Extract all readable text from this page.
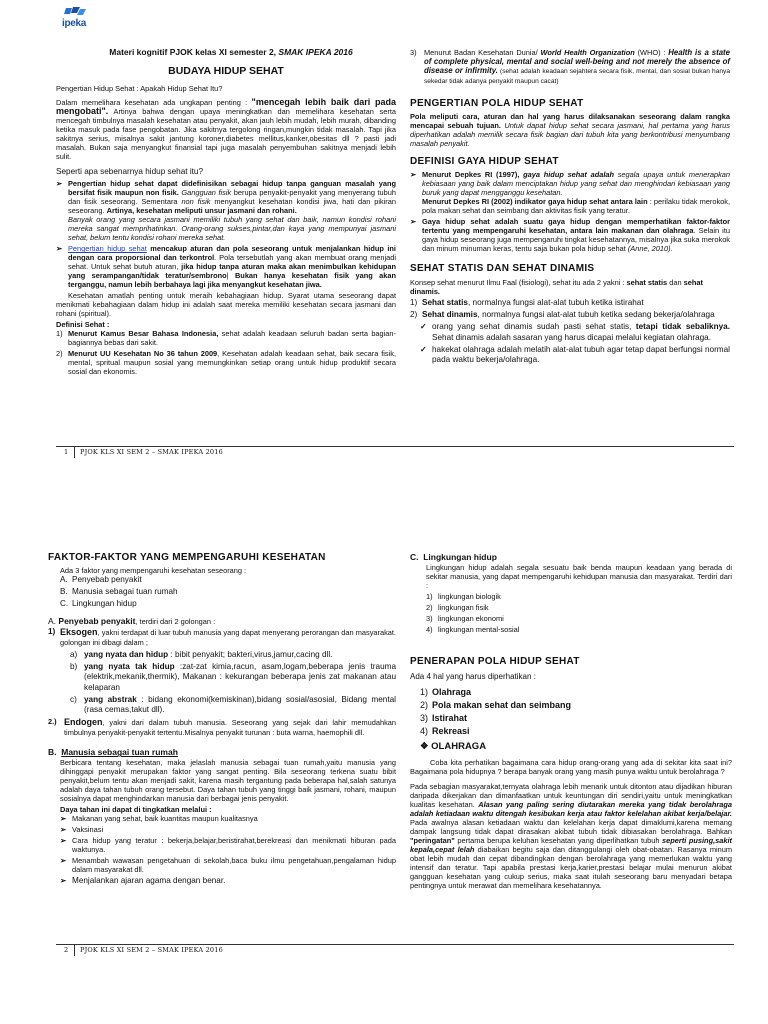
ipeka
Materi kognitif PJOK kelas XI semester 2, SMAK IPEKA 2016
BUDAYA HIDUP SEHAT
Pengertian Hidup Sehat : Apakah Hidup Sehat Itu?

Dalam memelihara kesehatan ada ungkapan penting : "mencegah lebih baik dari pada mengobati". Artinya bahwa dengan upaya meningkatkan dan memelihara kesehatan serta mencegah timbulnya masalah kesehatan atau penyakit, akan jauh lebih mudah, lebih murah, dibanding ketika masuk pada fase pengobatan. Jika sakitnya tergolong ringan,mungkin tidak masalah. Tapi jika sakitnya serius, misalnya sakit jantung koroner,diabetes mellitus,kanker,obesitas dll ? pasti jadi masalah. Bukan saja menyangkut finansial tapi juga masalah penyembuhan sakitnya menjadi lebih sulit.

Seperti apa sebenarnya hidup sehat itu?
➢ Pengertian hidup sehat dapat didefinisikan sebagai hidup tanpa ganguan masalah yang bersifat fisik maupun non fisik. Gangguan fisik berupa penyakit-penyakit yang menyerang tubuh dan fisik seseorang. Sementara non fisik menyangkut kesehatan kondisi jiwa, hati dan pikiran seseorang. Artinya, kesehatan meliputi unsur jasmani dan rohani.
Banyak orang yang secara jasmani memiliki tubuh yang sehat dan baik, namun kondisi rohani mereka sangat memprihatinkan. Orang-orang sukses,pintar,dan kaya yang mempunyai jasmani sehat, belum tentu kondisi rohani mereka sehat.
➢ Pengertian hidup sehat mencakup aturan dan pola seseorang untuk menjalankan hidup ini dengan cara proporsional dan terkontrol. Pola tersebutlah yang akan membuat orang menjadi sehat. Untuk sehat butuh aturan, jika hidup tanpa aturan maka akan menimbulkan kehidupan yang serampangan/tidak teratur/sembrono| Bukan hanya kesehatan fisik yang akan terganggu, namun lebih berbahaya lagi jika menyangkut kesehatan jiwa.

Kesehatan amatlah penting untuk meraih kebahagiaan hidup. Syarat utama seseorang dapat menikmati kebahagiaan dalam hidup ini adalah saat mereka memiliki kesehatan secara jasmani dan rohani (spiritual).

Definisi Sehat :
1) Menurut Kamus Besar Bahasa Indonesia, sehat adalah keadaan seluruh badan serta bagian-bagiannya bebas dari sakit.
2) Menurut UU Kesehatan No 36 tahun 2009, Kesehatan adalah keadaan sehat, baik secara fisik, mental, spritual maupun sosial yang memungkinkan setiap orang untuk hidup produktif secara sosial dan ekonomis.
3) Menurut Badan Kesehatan Dunia/ World Health Organization (WHO) : Health is a state of complete physical, mental and social well-being and not merely the absence of disease or infirmity. (sehat adalah keadaan sejahtera secara fisik, mental, dan sosial bukan hanya sekedar tidak adanya penyakit maupun cacat)
PENGERTIAN POLA HIDUP SEHAT

Pola meliputi cara, aturan dan hal yang harus dilaksanakan seseorang dalam rangka mencapai sebuah tujuan. Untuk dapat hidup sehat secara jasmani, hal pertama yang harus diperhatikan adalah memilik secara fisik bagian dari tubuh kita yang berkontribusi menyumbang masalah penyakit.

DEFINISI GAYA HIDUP SEHAT
➢ Menurut Depkes RI (1997), gaya hidup sehat adalah segala upaya untuk menerapkan kebiasaan yang baik dalam menciptakan hidup yang sehat dan menghindari kebiasaan yang buruk yang dapat mengganggu kesehatan.
Menurut Depkes RI (2002) indikator gaya hidup sehat antara lain : perilaku tidak merokok, pola makan sehat dan seimbang dan aktivitas fisik yang teratur.
➢ Gaya hidup sehat adalah suatu gaya hidup dengan memperhatikan faktor-faktor tertentu yang mempengaruhi kesehatan, antara lain makanan dan olahraga. Selain itu gaya hidup seseorang juga mempengaruhi tingkat kesehatannya, misalnya jika suka merokok dan minum minuman keras, tentu saja bukan pola hidup sehat (Anne, 2010).
SEHAT STATIS DAN SEHAT DINAMIS

Konsep sehat menurut Ilmu Faal (fisiologi), sehat itu ada 2 yakni : sehat statis dan sehat dinamis.

1) Sehat statis, normalnya fungsi alat-alat tubuh ketika istirahat
2) Sehat dinamis, normalnya fungsi alat-alat tubuh ketika sedang bekerja/olahraga
✓ orang yang sehat dinamis sudah pasti sehat statis, tetapi tidak sebaliknya. Sehat dinamis adalah sasaran yang harus dicapai melalui kegiatan olahraga.
✓ hakekat olahraga adalah melatih alat-alat tubuh agar tetap dapat berfungsi normal pada waktu bekerja/olahraga.
1 PJOK KLS XI SEM 2 – SMAK IPEKA 2016
FAKTOR-FAKTOR YANG MEMPENGARUHI KESEHATAN
Ada 3 faktor yang mempengaruhi kesehatan seseorang :
A. Penyebab penyakit
B. Manusia sebagai tuan rumah
C. Lingkungan hidup
A. Penyebab penyakit, terdiri dari 2 golongan :
1) Eksogen, yakni terdapat di luar tubuh manusia yang dapat menyerang perorangan dan masyarakat. golongan ini dibagi dalam ;
a) yang nyata dan hidup : bibit penyakit; bakteri,virus,jamur,cacing dll.
b) yang nyata tak hidup :zat-zat kimia,racun, asam,logam,beberapa jenis trauma (elektrik,mekanik,thermik), Makanan : kekurangan beberapa jenis zat makanan atau kelaparan
c) yang abstrak : bidang ekonomi(kemiskinan),bidang sosial/asosial, Bidang mental (rasa cemas,takut dll).
2.) Endogen, yakni dari dalam tubuh manusia. Seseorang yang sejak dari lahir memudahkan timbulnya penyakit-penyakit tertentu.Misalnya penyakit turunan : buta warna, haemophili dll.
B. Manusia sebagai tuan rumah

Berbicara tentang kesehatan, maka jelaslah manusia sebagai tuan rumah,yaitu manusia yang dihinggapi penyakit merupakan faktor yang sangat penting. Bila seseorang terkena suatu bibit penyakit,belum tentu akan menjadi sakit, karena masih tergantung pada beberapa hal,salah satunya adalah daya tahan tubuh orang tersebut. Daya tahan tubuh yang tinggi baik jasmani, rohani, maupun sosialnya dapat menghindarkan manusia dari berbagai jenis penyakit.

Daya tahan ini dapat di tingkatkan melalui :
➢ Makanan yang sehat, baik kuantitas maupun kualitasnya
➢ Vaksinasi
➢ Cara hidup yang teratur : bekerja,belajar,beristirahat,berekreasi dan menikmati hiburan pada waktunya.
➢ Menambah wawasan pengetahuan di sekolah,baca buku ilmu pengetahuan,pengalaman hidup dalam masyarakat dll.
➢ Menjalankan ajaran agama dengan benar.
C. Lingkungan hidup

Lingkungan hidup adalah segala sesuatu baik benda maupun keadaan yang berada di sekitar manusia, yang dapat mempengaruhi kehidupan manusia dan masyarakat. Terdiri dari :

1) lingkungan biologik
2) lingkungan fisik
3) lingkungan ekonomi
4) lingkungan mental-sosial
PENERAPAN POLA HIDUP SEHAT
Ada 4 hal yang harus diperhatikan :
1) Olahraga
2) Pola makan sehat dan seimbang
3) Istirahat
4) Rekreasi
❖ OLAHRAGA

Coba kita perhatikan bagaimana cara hidup orang-orang yang ada di sekitar kita saat ini? Bagaimana pola hidupnya ? berapa banyak orang yang masih punya waktu untuk berolahraga ?

Pada sebagian masyarakat,ternyata olahraga lebih menarik untuk ditonton atau dijadikan hiburan daripada dikerjakan dan dimanfaatkan untuk keuntungan diri sendiri,yaitu untuk meningkatkan kualitas kesehatan. Alasan yang paling sering diutarakan mereka yang tidak berolahraga adalah ketiadaan waktu ditengah kesibukan kerja atau faktor kelelahan akibat kerja/belajar. Pada awalnya alasan ketiadaan waktu dan kelelahan kerja dapat dimaklumi,karena memang dampak langsung tidak dapat dirasakan akibat tubuh tidak dibiasakan berolahraga. Bahkan "peringatan" pertama berupa keluhan kesehatan yang diperlihatkan tubuh seperti pusing,sakit kepala,cepat lelah diabaikan begitu saja dan ditanggulangi oleh obat-obatan. Rasanya minum obat lebih mudah dan cepat dibandingkan dengan berolahraga yang memerlukan waktu yang intensif dan teratur. Tapi apabila prestasi kerja,karier,prestasi belajar mulai menurun akibat gangguan kesehatan yang cukup serius, maka saat itulah seseorang baru menyadari betapa pentingnya untuk merawat dan memelihara kesehatannya.

2 PJOK KLS XI SEM 2 – SMAK IPEKA 2016
